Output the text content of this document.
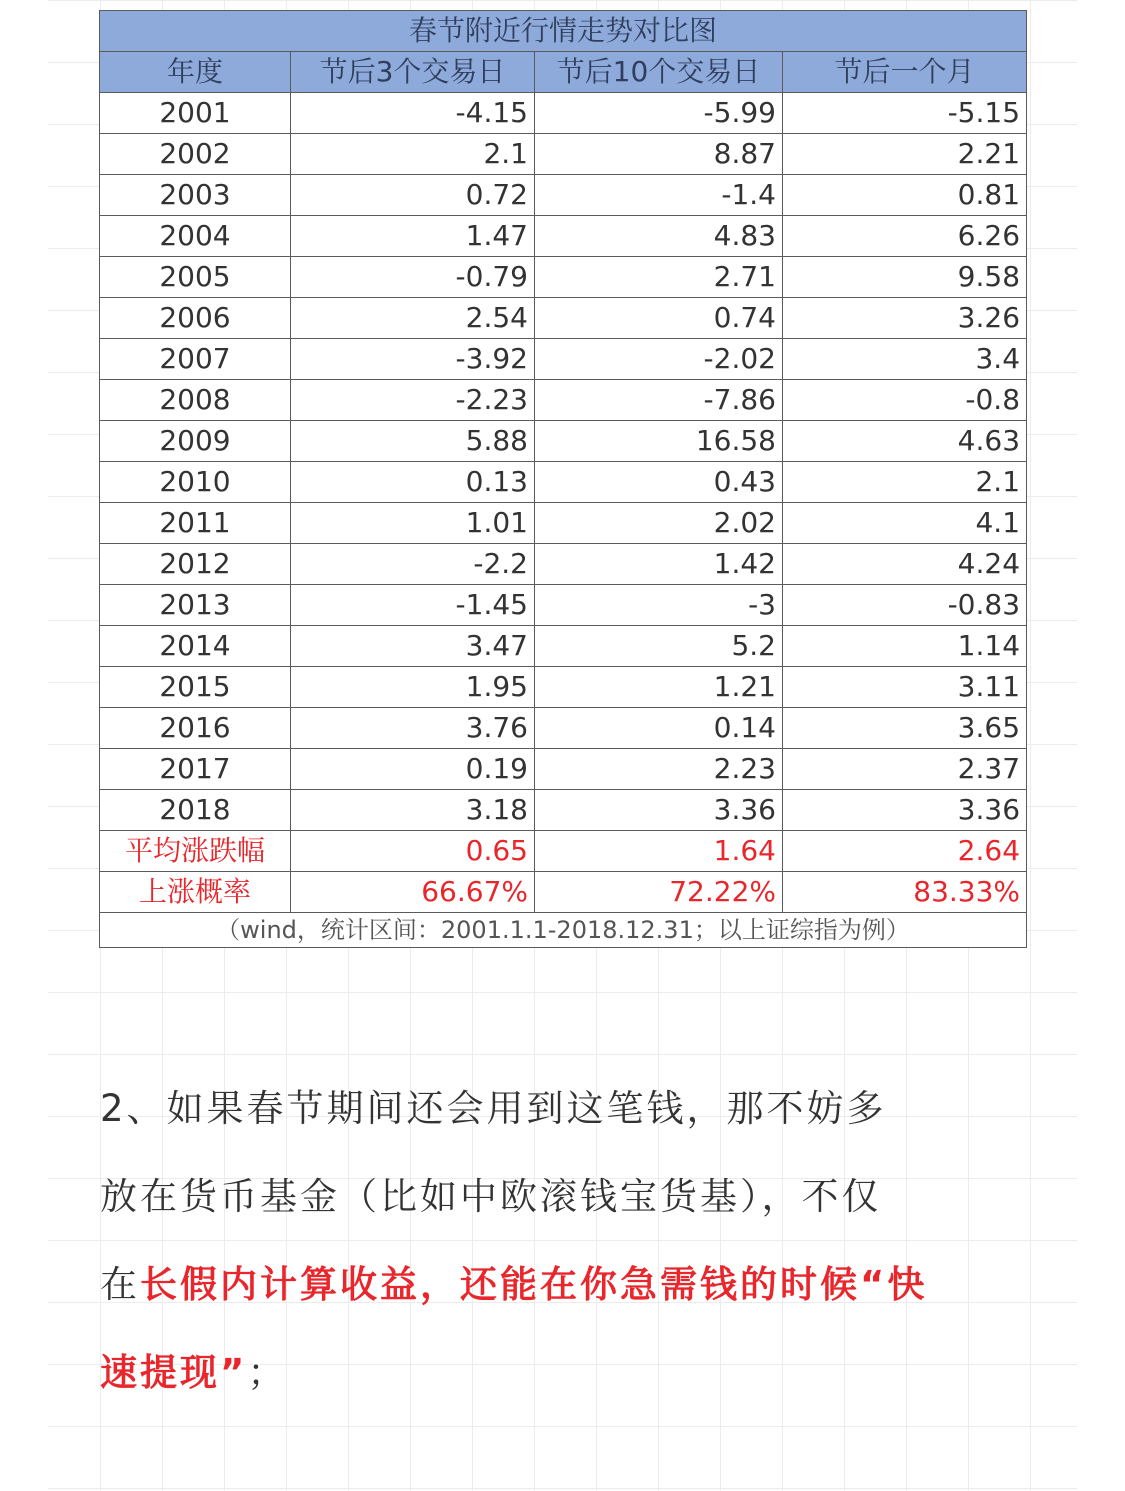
春节附近行情走势对比图			
年度	节后3个交易日	节后10个交易日	节后一个月
2001	-4.15	-5.99	-5.15
2002	2.1	8.87	2.21
2003	0.72	-1.4	0.81
2004	1.47	4.83	6.26
2005	-0.79	2.71	9.58
2006	2.54	0.74	3.26
2007	-3.92	-2.02	3.4
2008	-2.23	-7.86	-0.8
2009	5.88	16.58	4.63
2010	0.13	0.43	2.1
2011	1.01	2.02	4.1
2012	-2.2	1.42	4.24
2013	-1.45	-3	-0.83
2014	3.47	5.2	1.14
2015	1.95	1.21	3.11
2016	3.76	0.14	3.65
2017	0.19	2.23	2.37
2018	3.18	3.36	3.36
平均涨跌幅	0.65	1.64	2.64
上涨概率	66.67%	72.22%	83.33%
（wind，统计区间：2001.1.1-2018.12.31；以上证综指为例）			
2、如果春节期间还会用到这笔钱，那不妨多
放在货币基金（比如中欧滚钱宝货基），不仅
在长假内计算收益，还能在你急需钱的时候“快
速提现”；
